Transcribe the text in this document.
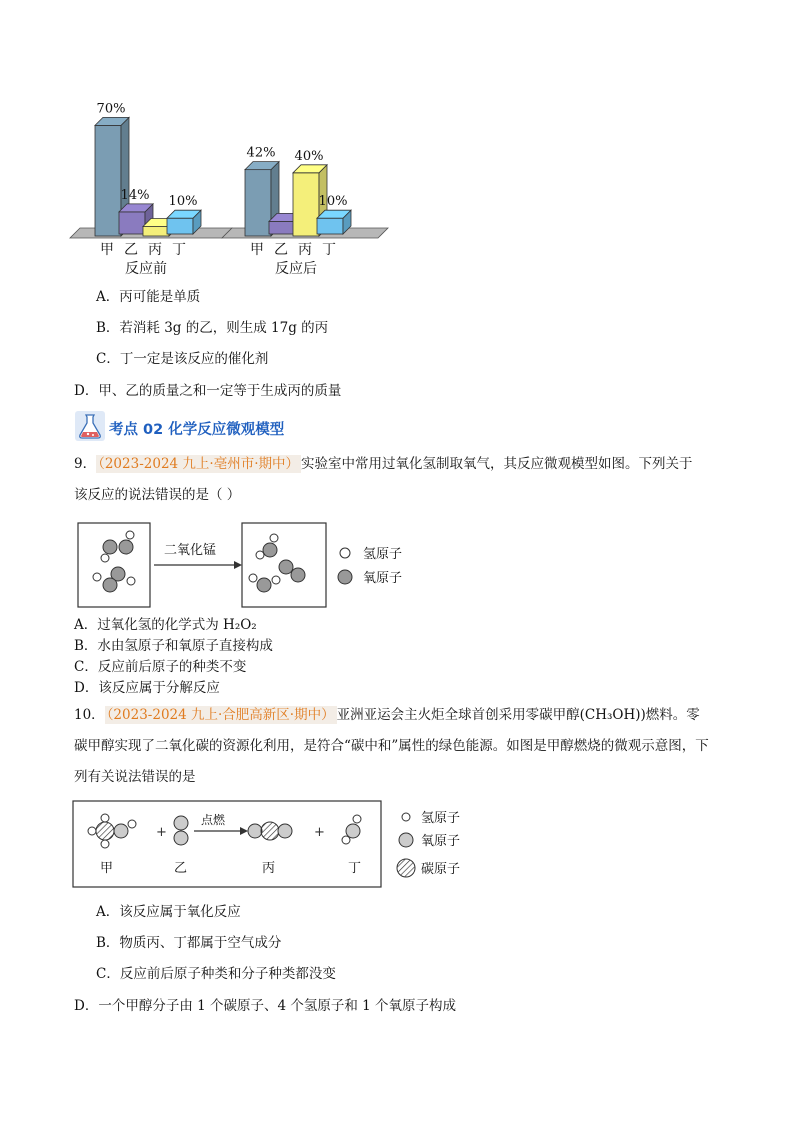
70%
甲
14%
乙 丙
10%
丁
反应前
42%
甲 乙
40%
丙
10%
丁
反应后
A．丙可能是单质
B．若消耗 3g 的乙，则生成 17g 的丙
C．丁一定是该反应的催化剂
D．甲、乙的质量之和一定等于生成丙的质量
考点 02 化学反应微观模型
9． （2023-2024 九上·亳州市·期中） 实验室中常用过氧化氢制取氧气，其反应微观模型如图。下列关于
该反应的说法错误的是（ ）
二氧化锰	氢原子
氧原子
A．过氧化氢的化学式为 H₂O₂
B．水由氢原子和氧原子直接构成
C．反应前后原子的种类不变
D．该反应属于分解反应
10． （2023-2024 九上·合肥高新区·期中） 亚洲亚运会主火炬全球首创采用零碳甲醇(CH₃OH))燃料。零
碳甲醇实现了二氧化碳的资源化利用，是符合“碳中和”属性的绿色能源。如图是甲醇燃烧的微观示意图，下
列有关说法错误的是
+
点燃
+
甲	乙	丙	丁
氢原子
氧原子
碳原子
A．该反应属于氧化反应
B．物质丙、丁都属于空气成分
C．反应前后原子种类和分子种类都没变
D．一个甲醇分子由 1 个碳原子、4 个氢原子和 1 个氧原子构成
